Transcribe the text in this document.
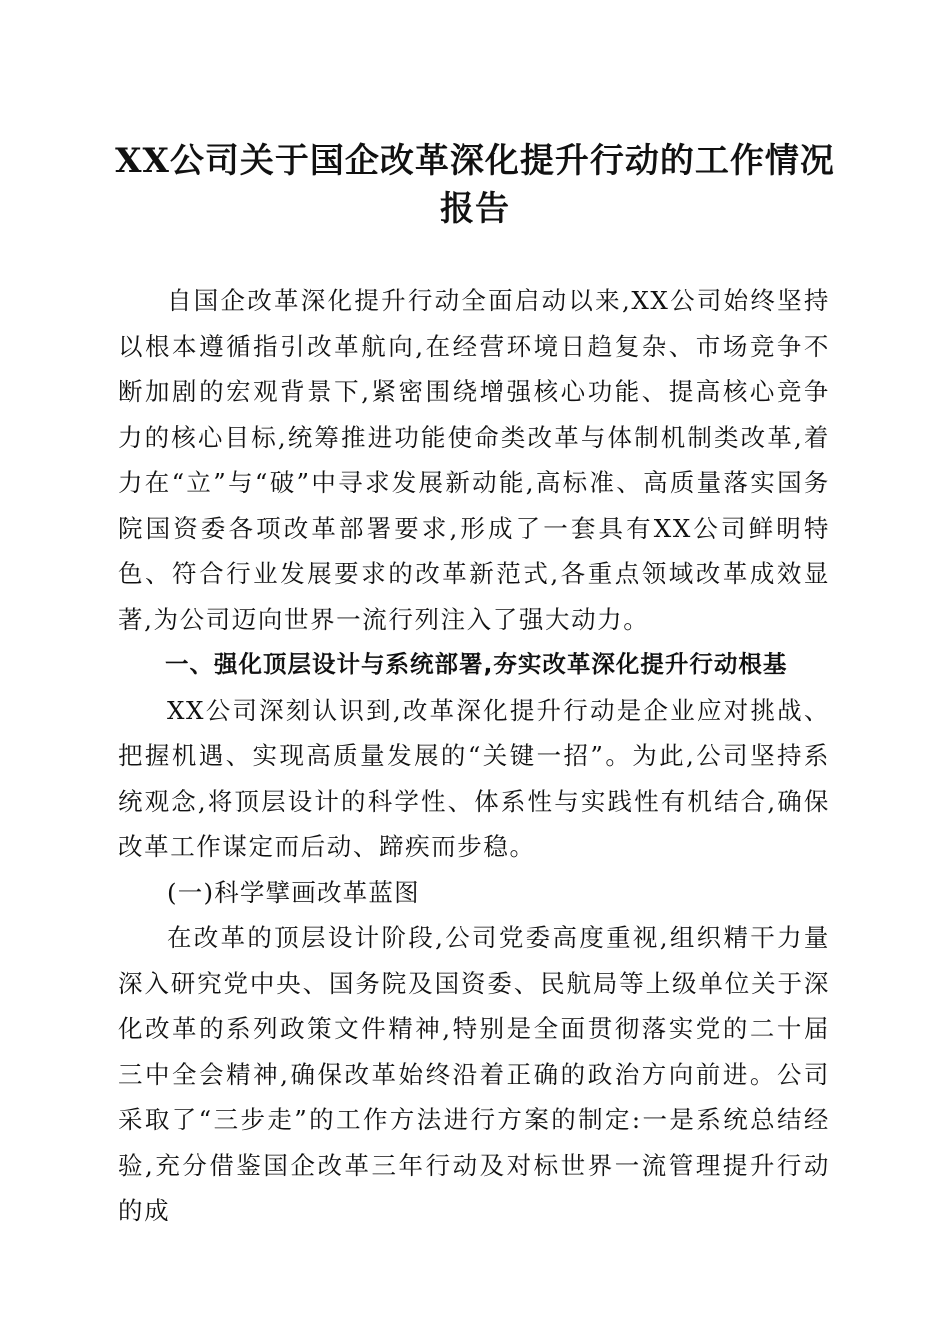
XX公司关于国企改革深化提升行动的工作情况报告

自国企改革深化提升行动全面启动以来,XX公司始终坚持以根本遵循指引改革航向,在经营环境日趋复杂、市场竞争不断加剧的宏观背景下,紧密围绕增强核心功能、提高核心竞争力的核心目标,统筹推进功能使命类改革与体制机制类改革,着力在“立”与“破”中寻求发展新动能,高标准、高质量落实国务院国资委各项改革部署要求,形成了一套具有XX公司鲜明特色、符合行业发展要求的改革新范式,各重点领域改革成效显著,为公司迈向世界一流行列注入了强大动力。

一、强化顶层设计与系统部署,夯实改革深化提升行动根基

XX公司深刻认识到,改革深化提升行动是企业应对挑战、把握机遇、实现高质量发展的“关键一招”。为此,公司坚持系统观念,将顶层设计的科学性、体系性与实践性有机结合,确保改革工作谋定而后动、蹄疾而步稳。

(一)科学擘画改革蓝图

在改革的顶层设计阶段,公司党委高度重视,组织精干力量深入研究党中央、国务院及国资委、民航局等上级单位关于深化改革的系列政策文件精神,特别是全面贯彻落实党的二十届三中全会精神,确保改革始终沿着正确的政治方向前进。公司采取了“三步走”的工作方法进行方案的制定:一是系统总结经验,充分借鉴国企改革三年行动及对标世界一流管理提升行动的成
